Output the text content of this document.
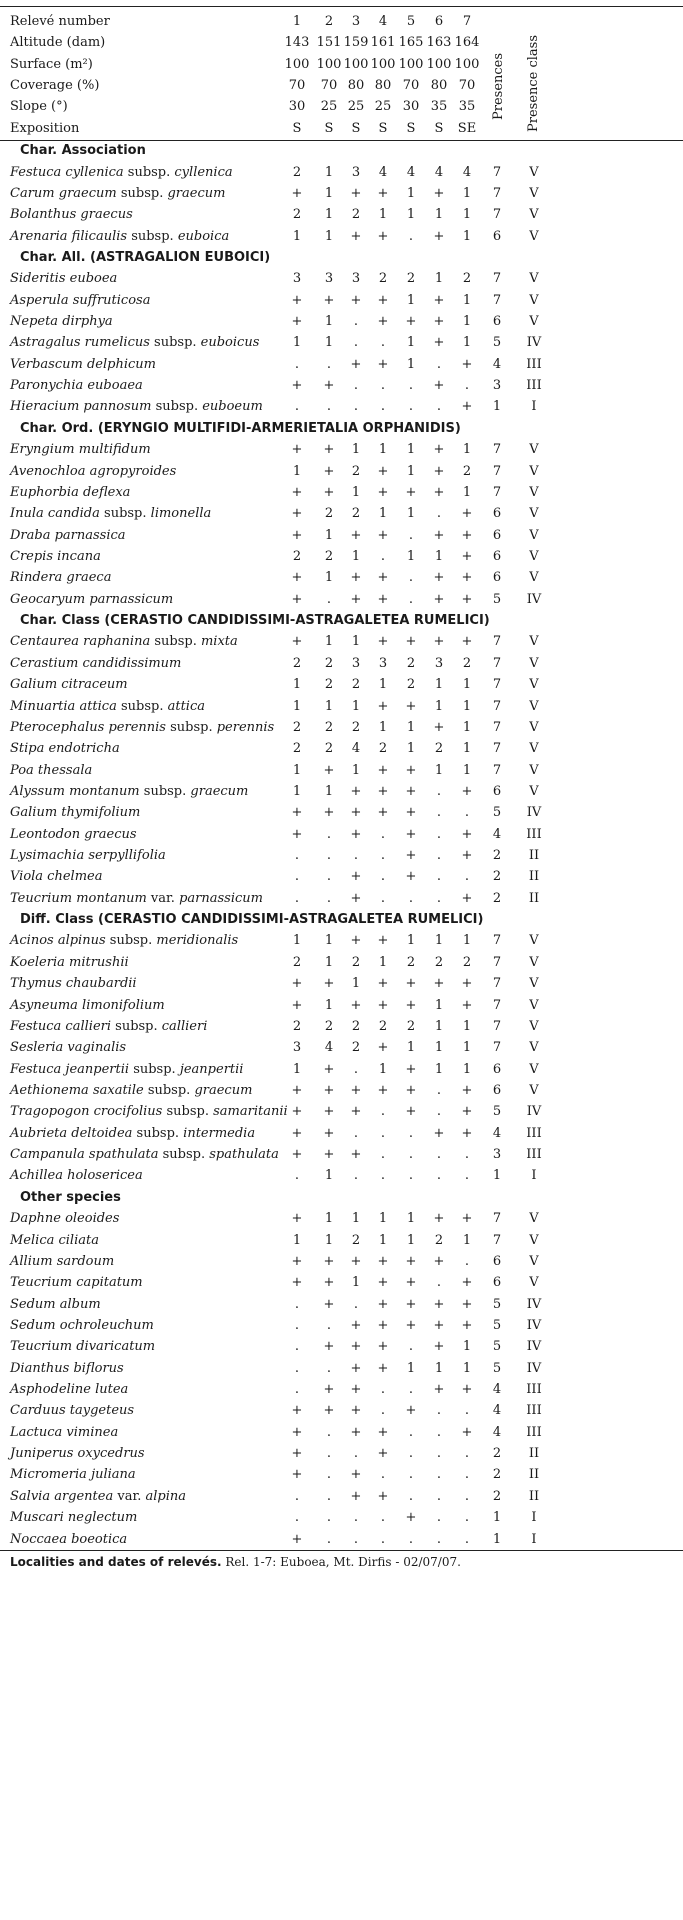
Relevé number	1 2 3 4 5 6 7
Altitude (dam)	143 151 159 161 165 163 164
Surface (m²)	100 100 100 100 100 100 100
Coverage (%)	70 70 80 80 70 80 70
Slope (°)	30 25 25 25 30 35 35
Exposition	S S S S S S SE
Presences Presence class
Char. Association
Festuca cyllenica subsp. cyllenica	2 1 3 4 4 4 4 7 V
Carum graecum subsp. graecum	+ 1 + + 1 + 1 7 V
Bolanthus graecus	2 1 2 1 1 1 1 7 V
Arenaria filicaulis subsp. euboica	1 1 + + . + 1 6 V
Char. All. (ASTRAGALION EUBOICI)
Sideritis euboea	3 3 3 2 2 1 2 7 V
Asperula suffruticosa	+ + + + 1 + 1 7 V
Nepeta dirphya	+ 1 . + + + 1 6 V
Astragalus rumelicus subsp. euboicus	1 1 . . 1 + 1 5 IV
Verbascum delphicum	. . + + 1 . + 4 III
Paronychia euboaea	+ + . . . + . 3 III
Hieracium pannosum subsp. euboeum . . . . . . + 1 I
Char. Ord. (ERYNGIO MULTIFIDI-ARMERIETALIA ORPHANIDIS)
Eryngium multifidum	+ + 1 1 1 + 1 7 V
Avenochloa agropyroides	1 + 2 + 1 + 2 7 V
Euphorbia deflexa	+ + 1 + + + 1 7 V
Inula candida subsp. limonella	+ 2 2 1 1 . + 6 V
Draba parnassica	+ 1 + + . + + 6 V
Crepis incana	2 2 1 . 1 1 + 6 V
Rindera graeca	+ 1 + + . + + 6 V
Geocaryum parnassicum	+ . + + . + + 5 IV
Char. Class (CERASTIO CANDIDISSIMI-ASTRAGALETEA RUMELICI)
Centaurea raphanina subsp. mixta	+ 1 1 + + + + 7 V
Cerastium candidissimum	2 2 3 3 2 3 2 7 V
Galium citraceum	1 2 2 1 2 1 1 7 V
Minuartia attica subsp. attica	1 1 1 + + 1 1 7 V
Pterocephalus perennis subsp. perennis 2 2 2 1 1 + 1 7 V
Stipa endotricha	2 2 4 2 1 2 1 7 V
Poa thessala	1 + 1 + + 1 1 7 V
Alyssum montanum subsp. graecum	1 1 + + + . + 6 V
Galium thymifolium	+ + + + + . . 5 IV
Leontodon graecus	+ . + . + . + 4 III
Lysimachia serpyllifolia	. . . . + . + 2 II
Viola chelmea	. . + . + . . 2 II
Teucrium montanum var. parnassicum . . + . . . + 2 II
Diff. Class (CERASTIO CANDIDISSIMI-ASTRAGALETEA RUMELICI)
Acinos alpinus subsp. meridionalis	1 1 + + 1 1 1 7 V
Koeleria mitrushii	2 1 2 1 2 2 2 7 V
Thymus chaubardii	+ + 1 + + + + 7 V
Asyneuma limonifolium	+ 1 + + + 1 + 7 V
Festuca callieri subsp. callieri	2 2 2 2 2 1 1 7 V
Sesleria vaginalis	3 4 2 + 1 1 1 7 V
Festuca jeanpertii subsp. jeanpertii	1 + . 1 + 1 1 6 V
Aethionema saxatile subsp. graecum	+ + + + + . + 6 V
Tragopogon crocifolius subsp. samaritanii + + + . + . + 5 IV
Aubrieta deltoidea subsp. intermedia	+ + . . . + + 4 III
Campanula spathulata subsp. spathulata + + + . . . . 3 III
Achillea holosericea	. 1 . . . . . 1 I
Other species
Daphne oleoides	+ 1 1 1 1 + + 7 V
Melica ciliata	1 1 2 1 1 2 1 7 V
Allium sardoum	+ + + + + + . 6 V
Teucrium capitatum	+ + 1 + + . + 6 V
Sedum album	. + . + + + + 5 IV
Sedum ochroleuchum	. . + + + + + 5 IV
Teucrium divaricatum	. + + + . + 1 5 IV
Dianthus biflorus	. . + + 1 1 1 5 IV
Asphodeline lutea	. + + . . + + 4 III
Carduus taygeteus	+ + + . + . . 4 III
Lactuca viminea	+ . + + . . + 4 III
Juniperus oxycedrus	+ . . + . . . 2 II
Micromeria juliana	+ . + . . . . 2 II
Salvia argentea var. alpina	. . + + . . . 2 II
Muscari neglectum	. . . . + . . 1 I
Noccaea boeotica	+ . . . . . . 1 I
Localities and dates of relevés. Rel. 1-7: Euboea, Mt. Dirfis - 02/07/07.
